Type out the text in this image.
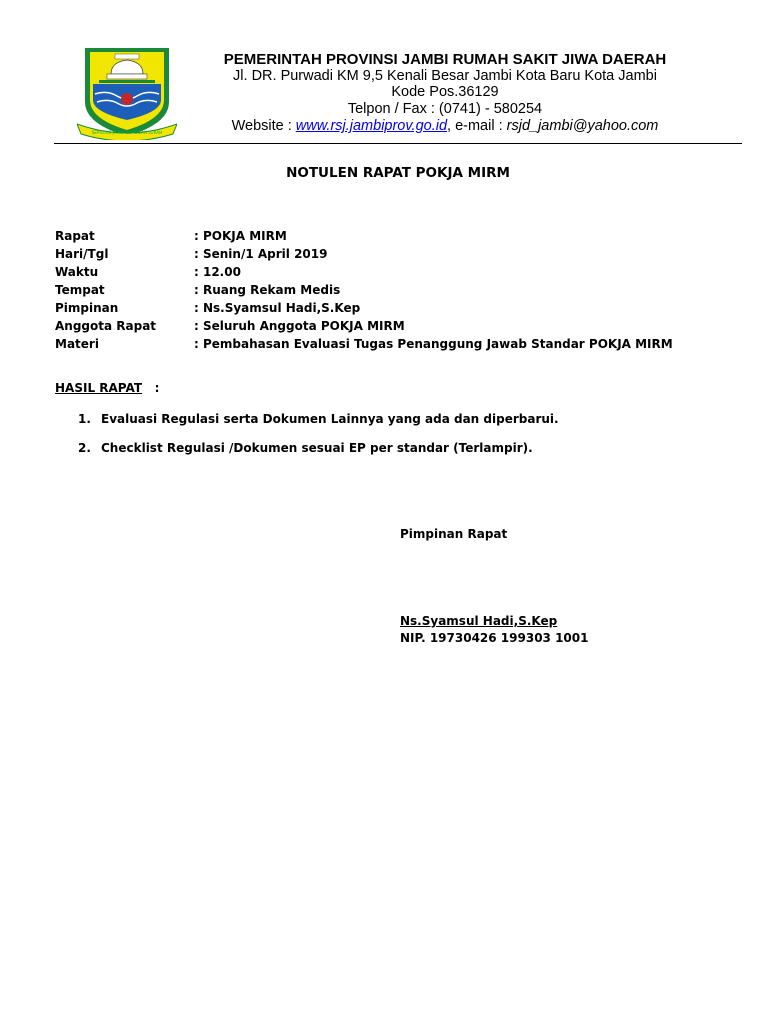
SEPUCUK JAMBI SEMBILAN LURAH
PEMERINTAH PROVINSI JAMBI RUMAH SAKIT JIWA DAERAH
Jl. DR. Purwadi KM 9,5 Kenali Besar Jambi Kota Baru Kota Jambi
Kode Pos.36129
Telpon / Fax : (0741) - 580254
Website : www.rsj.jambiprov.go.id, e-mail : rsjd_jambi@yahoo.com
NOTULEN RAPAT POKJA MIRM
Rapat	: POKJA MIRM
Hari/Tgl	: Senin/1 April 2019
Waktu	: 12.00
Tempat	: Ruang Rekam Medis
Pimpinan	: Ns.Syamsul Hadi,S.Kep
Anggota Rapat	: Seluruh Anggota POKJA MIRM
Materi	: Pembahasan Evaluasi Tugas Penanggung Jawab Standar POKJA MIRM
HASIL RAPAT   :
1. Evaluasi Regulasi serta Dokumen Lainnya yang ada dan diperbarui.
2. Checklist Regulasi /Dokumen sesuai EP per standar (Terlampir).
Pimpinan Rapat
Ns.Syamsul Hadi,S.Kep
NIP. 19730426 199303 1001
